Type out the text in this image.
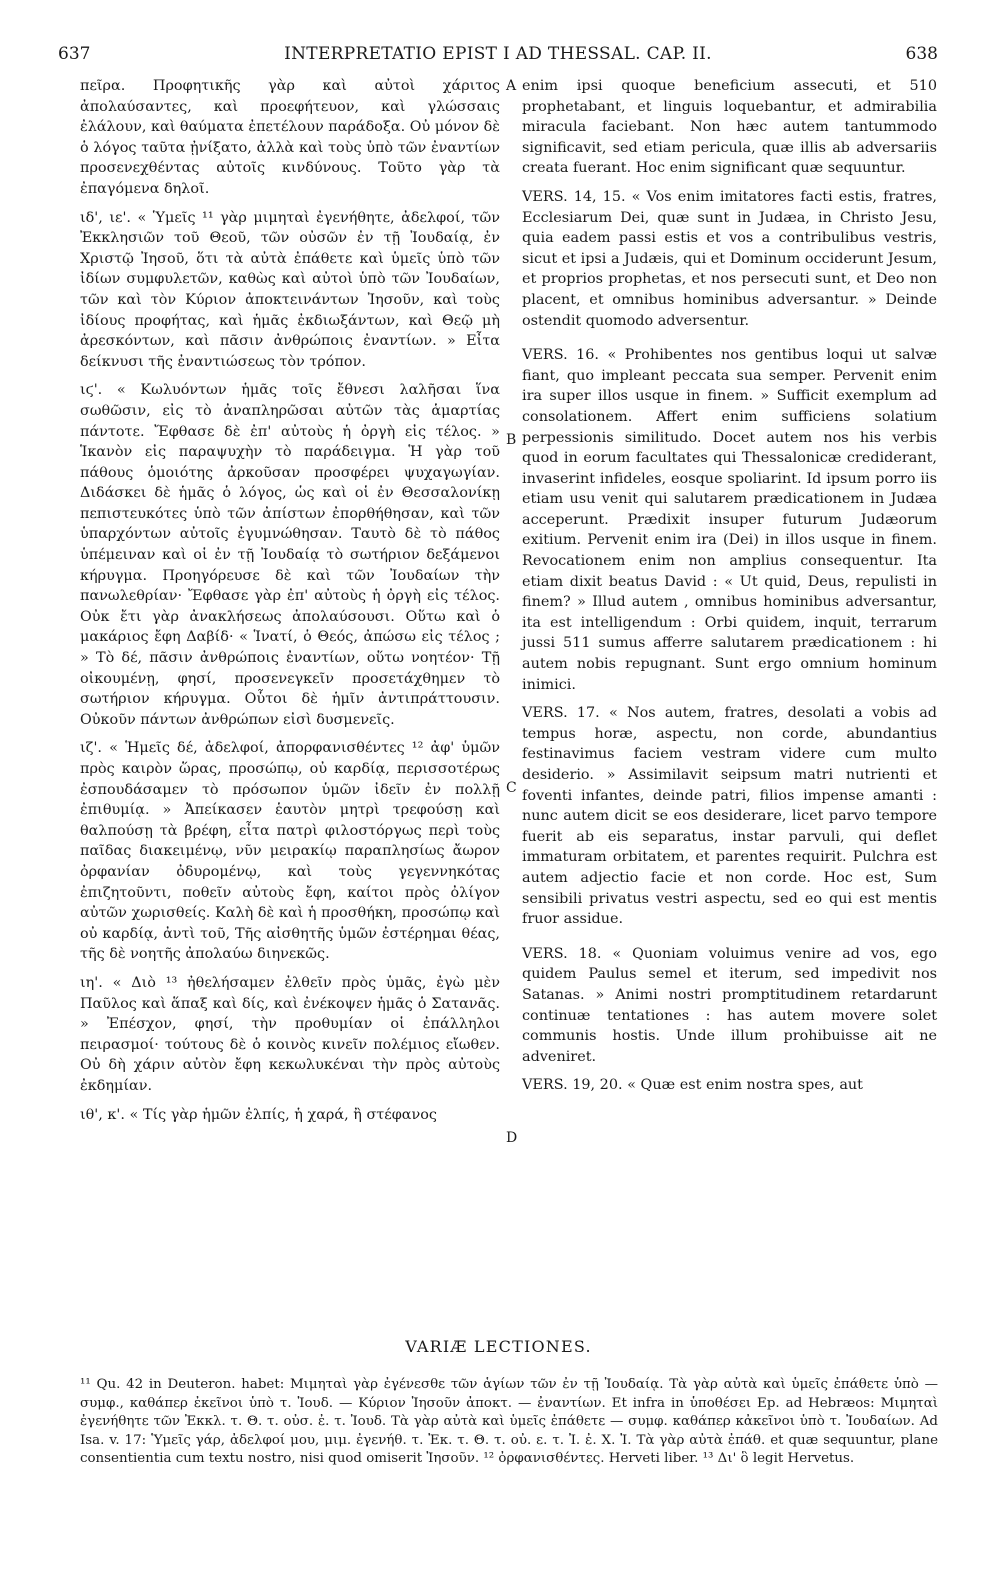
637	INTERPRETATIO EPIST I AD THESSAL. CAP. II.	638

πεῖρα. Προφητικῆς γὰρ καὶ αὐτοὶ χάριτος ἀπολαύσαντες, καὶ προεφήτευον, καὶ γλώσσαις ἐλάλουν, καὶ θαύματα ἐπετέλουν παράδοξα. Οὐ μόνον δὲ ὁ λόγος ταῦτα ᾐνίξατο, ἀλλὰ καὶ τοὺς ὑπὸ τῶν ἐναντίων προσενεχθέντας αὐτοῖς κινδύνους. Τοῦτο γὰρ τὰ ἐπαγόμενα δηλοῖ.

ιδ', ιε'. « Ὑμεῖς ¹¹ γὰρ μιμηταὶ ἐγενήθητε, ἀδελφοί, τῶν Ἐκκλησιῶν τοῦ Θεοῦ, τῶν οὐσῶν ἐν τῇ Ἰουδαίᾳ, ἐν Χριστῷ Ἰησοῦ, ὅτι τὰ αὐτὰ ἐπάθετε καὶ ὑμεῖς ὑπὸ τῶν ἰδίων συμφυλετῶν, καθὼς καὶ αὐτοὶ ὑπὸ τῶν Ἰουδαίων, τῶν καὶ τὸν Κύριον ἀποκτεινάντων Ἰησοῦν, καὶ τοὺς ἰδίους προφήτας, καὶ ἡμᾶς ἐκδιωξάντων, καὶ Θεῷ μὴ ἀρεσκόντων, καὶ πᾶσιν ἀνθρώποις ἐναντίων. » Εἶτα δείκνυσι τῆς ἐναντιώσεως τὸν τρόπον.

ιϛ'. « Κωλυόντων ἡμᾶς τοῖς ἔθνεσι λαλῆσαι ἵνα σωθῶσιν, εἰς τὸ ἀναπληρῶσαι αὐτῶν τὰς ἁμαρτίας πάντοτε. Ἔφθασε δὲ ἐπ' αὐτοὺς ἡ ὀργὴ εἰς τέλος. » Ἱκανὸν εἰς παραψυχὴν τὸ παράδειγμα. Ἡ γὰρ τοῦ πάθους ὁμοιότης ἀρκοῦσαν προσφέρει ψυχαγωγίαν. Διδάσκει δὲ ἡμᾶς ὁ λόγος, ὡς καὶ οἱ ἐν Θεσσαλονίκῃ πεπιστευκότες ὑπὸ τῶν ἀπίστων ἐπορθήθησαν, καὶ τῶν ὑπαρχόντων αὐτοῖς ἐγυμνώθησαν. Ταυτὸ δὲ τὸ πάθος ὑπέμειναν καὶ οἱ ἐν τῇ Ἰουδαίᾳ τὸ σωτήριον δεξάμενοι κήρυγμα. Προηγόρευσε δὲ καὶ τῶν Ἰουδαίων τὴν πανωλεθρίαν· Ἔφθασε γὰρ ἐπ' αὐτοὺς ἡ ὀργὴ εἰς τέλος. Οὐκ ἔτι γὰρ ἀνακλήσεως ἀπολαύσουσι. Οὕτω καὶ ὁ μακάριος ἔφη Δαβίδ· « Ἱνατί, ὁ Θεός, ἀπώσω εἰς τέλος ; » Τὸ δέ, πᾶσιν ἀνθρώποις ἐναντίων, οὕτω νοητέον· Τῇ οἰκουμένῃ, φησί, προσενεγκεῖν προσετάχθημεν τὸ σωτήριον κήρυγμα. Οὗτοι δὲ ἡμῖν ἀντιπράττουσιν. Οὐκοῦν πάντων ἀνθρώπων εἰσὶ δυσμενεῖς.

ιζ'. « Ἡμεῖς δέ, ἀδελφοί, ἀπορφανισθέντες ¹² ἀφ' ὑμῶν πρὸς καιρὸν ὥρας, προσώπῳ, οὐ καρδίᾳ, περισσοτέρως ἐσπουδάσαμεν τὸ πρόσωπον ὑμῶν ἰδεῖν ἐν πολλῇ ἐπιθυμίᾳ. » Ἀπείκασεν ἑαυτὸν μητρὶ τρεφούσῃ καὶ θαλπούσῃ τὰ βρέφη, εἶτα πατρὶ φιλοστόργως περὶ τοὺς παῖδας διακειμένῳ, νῦν μειρακίῳ παραπλησίως ἄωρον ὀρφανίαν ὀδυρομένῳ, καὶ τοὺς γεγεννηκότας ἐπιζητοῦντι, ποθεῖν αὐτοὺς ἔφη, καίτοι πρὸς ὀλίγον αὐτῶν χωρισθείς. Καλὴ δὲ καὶ ἡ προσθήκη, προσώπῳ καὶ οὐ καρδίᾳ, ἀντὶ τοῦ, Τῆς αἰσθητῆς ὑμῶν ἐστέρημαι θέας, τῆς δὲ νοητῆς ἀπολαύω διηνεκῶς.

ιη'. « Διὸ ¹³ ἠθελήσαμεν ἐλθεῖν πρὸς ὑμᾶς, ἐγὼ μὲν Παῦλος καὶ ἅπαξ καὶ δίς, καὶ ἐνέκοψεν ἡμᾶς ὁ Σατανᾶς. » Ἐπέσχον, φησί, τὴν προθυμίαν οἱ ἐπάλληλοι πειρασμοί· τούτους δὲ ὁ κοινὸς κινεῖν πολέμιος εἴωθεν. Οὐ δὴ χάριν αὐτὸν ἔφη κεκωλυκέναι τὴν πρὸς αὐτοὺς ἐκδημίαν.

ιθ', κ'. « Τίς γὰρ ἡμῶν ἐλπίς, ἡ χαρά, ἢ στέφανος

A
B
C
D

enim ipsi quoque beneficium assecuti, et 510 prophetabant, et linguis loquebantur, et admirabilia miracula faciebant. Non hæc autem tantummodo significavit, sed etiam pericula, quæ illis ab adversariis creata fuerant. Hoc enim significant quæ sequuntur.

VERS. 14, 15. « Vos enim imitatores facti estis, fratres, Ecclesiarum Dei, quæ sunt in Judæa, in Christo Jesu, quia eadem passi estis et vos a contribulibus vestris, sicut et ipsi a Judæis, qui et Dominum occiderunt Jesum, et proprios prophetas, et nos persecuti sunt, et Deo non placent, et omnibus hominibus adversantur. » Deinde ostendit quomodo adversentur.

VERS. 16. « Prohibentes nos gentibus loqui ut salvæ fiant, quo impleant peccata sua semper. Pervenit enim ira super illos usque in finem. » Sufficit exemplum ad consolationem. Affert enim sufficiens solatium perpessionis similitudo. Docet autem nos his verbis quod in eorum facultates qui Thessalonicæ crediderant, invaserint infideles, eosque spoliarint. Id ipsum porro iis etiam usu venit qui salutarem prædicationem in Judæa acceperunt. Prædixit insuper futurum Judæorum exitium. Pervenit enim ira (Dei) in illos usque in finem. Revocationem enim non amplius consequentur. Ita etiam dixit beatus David : « Ut quid, Deus, repulisti in finem? » Illud autem , omnibus hominibus adversantur, ita est intelligendum : Orbi quidem, inquit, terrarum jussi 511 sumus afferre salutarem prædicationem : hi autem nobis repugnant. Sunt ergo omnium hominum inimici.

VERS. 17. « Nos autem, fratres, desolati a vobis ad tempus horæ, aspectu, non corde, abundantius festinavimus faciem vestram videre cum multo desiderio. » Assimilavit seipsum matri nutrienti et foventi infantes, deinde patri, filios impense amanti : nunc autem dicit se eos desiderare, licet parvo tempore fuerit ab eis separatus, instar parvuli, qui deflet immaturam orbitatem, et parentes requirit. Pulchra est autem adjectio facie et non corde. Hoc est, Sum sensibili privatus vestri aspectu, sed eo qui est mentis fruor assidue.

VERS. 18. « Quoniam voluimus venire ad vos, ego quidem Paulus semel et iterum, sed impedivit nos Satanas. » Animi nostri promptitudinem retardarunt continuæ tentationes : has autem movere solet communis hostis. Unde illum prohibuisse ait ne adveniret.

VERS. 19, 20. « Quæ est enim nostra spes, aut

VARIÆ LECTIONES.

¹¹ Qu. 42 in Deuteron. habet: Μιμηταὶ γὰρ ἐγένεσθε τῶν ἁγίων τῶν ἐν τῇ Ἰουδαίᾳ. Τὰ γὰρ αὐτὰ καὶ ὑμεῖς ἐπάθετε ὑπὸ — συμφ., καθάπερ ἐκεῖνοι ὑπὸ τ. Ἰουδ. — Κύριον Ἰησοῦν ἀποκτ. — ἐναντίων. Et infra in ὑποθέσει Ep. ad Hebræos: Μιμηταὶ ἐγενήθητε τῶν Ἐκκλ. τ. Θ. τ. οὐσ. ἐ. τ. Ἰουδ. Τὰ γὰρ αὐτὰ καὶ ὑμεῖς ἐπάθετε — συμφ. καθάπερ κἀκεῖνοι ὑπὸ τ. Ἰουδαίων. Ad Isa. v. 17: Ὑμεῖς γάρ, ἀδελφοί μου, μιμ. ἐγενήθ. τ. Ἐκ. τ. Θ. τ. οὐ. ε. τ. Ἰ. ἐ. Χ. Ἰ. Τὰ γὰρ αὐτὰ ἐπάθ. et quæ sequuntur, plane consentientia cum textu nostro, nisi quod omiserit Ἰησοῦν. ¹² ὀρφανισθέντες. Herveti liber. ¹³ Δι' ὃ legit Hervetus.
